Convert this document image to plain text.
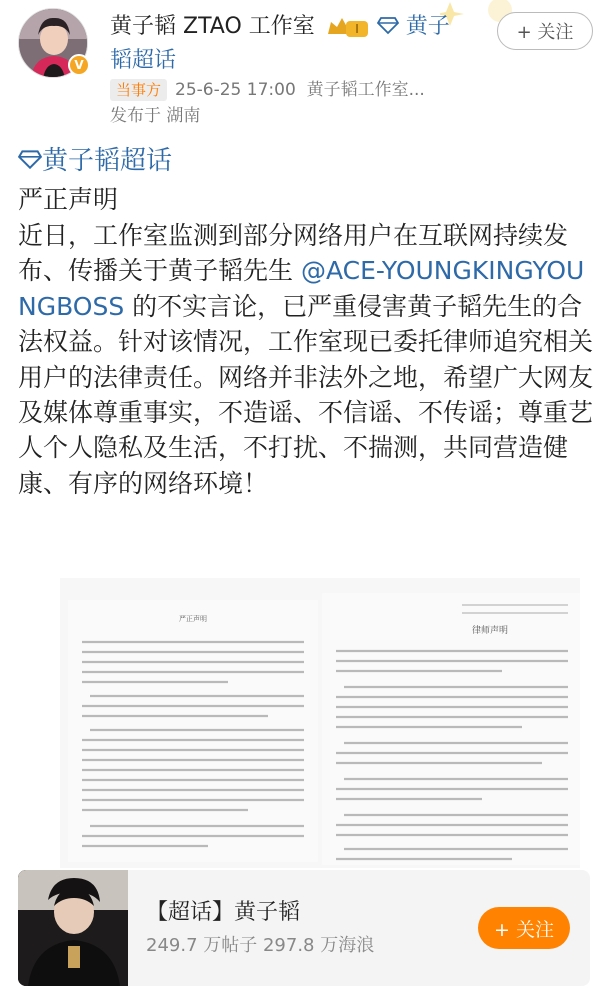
V
黄子韬 ZTAO 工作室	I 黄子
韬超话
当事方 25-6-25 17:00 黄子韬工作室...
发布于 湖南
+ 关注
黄子韬超话
严正声明
近日，工作室监测到部分网络用户在互联网持续发布、传播关于黄子韬先生 @ACE-YOUNGKINGYOUNGBOSS 的不实言论，已严重侵害黄子韬先生的合法权益。针对该情况，工作室现已委托律师追究相关用户的法律责任。网络并非法外之地，希望广大网友及媒体尊重事实，不造谣、不信谣、不传谣；尊重艺人个人隐私及生活，不打扰、不揣测，共同营造健康、有序的网络环境！
严正声明
律师声明
【超话】黄子韬
249.7 万帖子 297.8 万海浪
+ 关注
